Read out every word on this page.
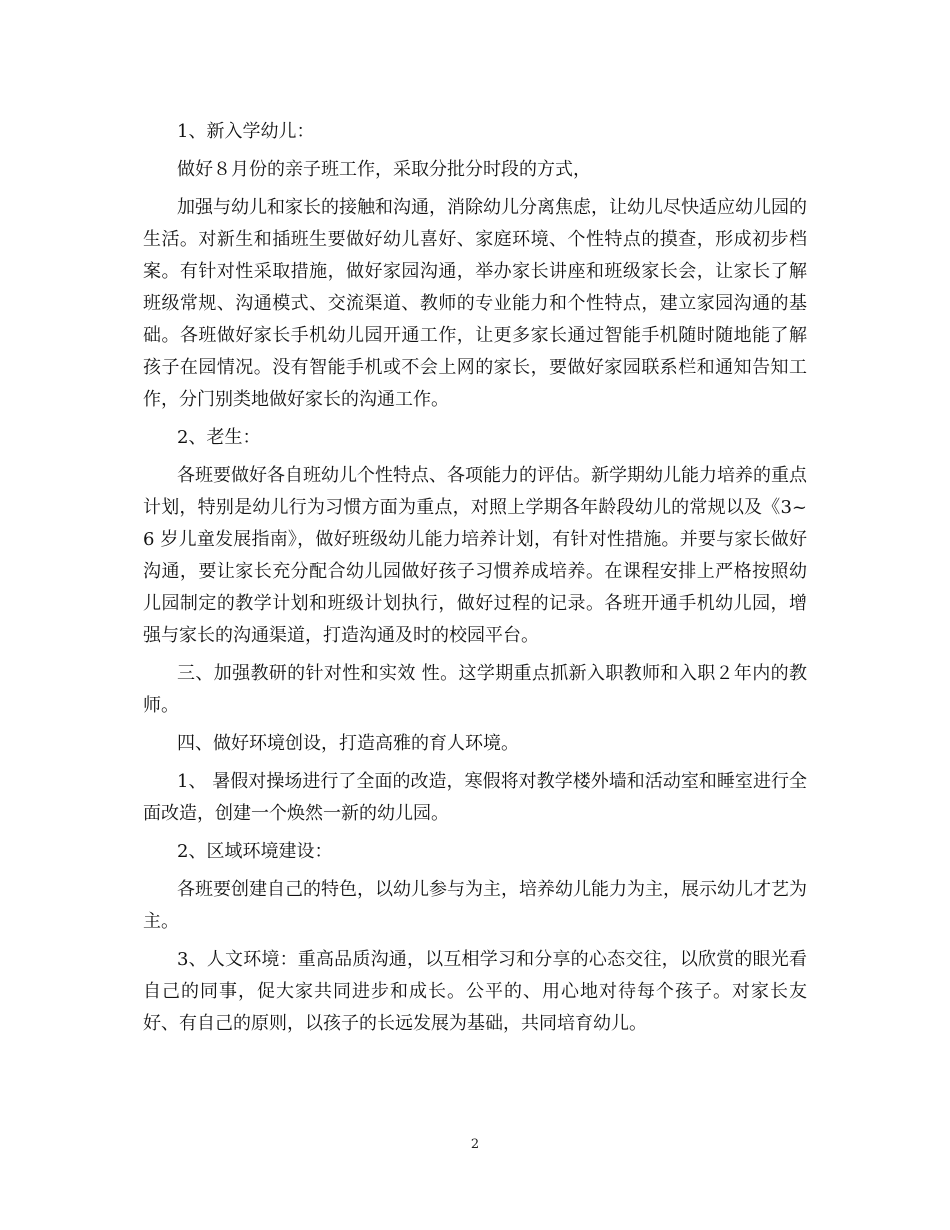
1、新入学幼儿：

做好８月份的亲子班工作，采取分批分时段的方式，

加强与幼儿和家长的接触和沟通，消除幼儿分离焦虑，让幼儿尽快适应幼儿园的生活。对新生和插班生要做好幼儿喜好、家庭环境、个性特点的摸查，形成初步档案。有针对性采取措施，做好家园沟通，举办家长讲座和班级家长会，让家长了解班级常规、沟通模式、交流渠道、教师的专业能力和个性特点，建立家园沟通的基础。各班做好家长手机幼儿园开通工作，让更多家长通过智能手机随时随地能了解孩子在园情况。没有智能手机或不会上网的家长，要做好家园联系栏和通知告知工作，分门别类地做好家长的沟通工作。

2、老生：

各班要做好各自班幼儿个性特点、各项能力的评估。新学期幼儿能力培养的重点计划，特别是幼儿行为习惯方面为重点，对照上学期各年龄段幼儿的常规以及《3~6 岁儿童发展指南》，做好班级幼儿能力培养计划，有针对性措施。并要与家长做好沟通，要让家长充分配合幼儿园做好孩子习惯养成培养。在课程安排上严格按照幼儿园制定的教学计划和班级计划执行，做好过程的记录。各班开通手机幼儿园，增强与家长的沟通渠道，打造沟通及时的校园平台。

三、加强教研的针对性和实效 性。这学期重点抓新入职教师和入职２年内的教师。

四、做好环境创设，打造高雅的育人环境。

1、 暑假对操场进行了全面的改造，寒假将对教学楼外墙和活动室和睡室进行全面改造，创建一个焕然一新的幼儿园。

2、区域环境建设：

各班要创建自己的特色，以幼儿参与为主，培养幼儿能力为主，展示幼儿才艺为主。

3、人文环境：重高品质沟通，以互相学习和分享的心态交往，以欣赏的眼光看自己的同事，促大家共同进步和成长。公平的、用心地对待每个孩子。对家长友好、有自己的原则，以孩子的长远发展为基础，共同培育幼儿。

2
